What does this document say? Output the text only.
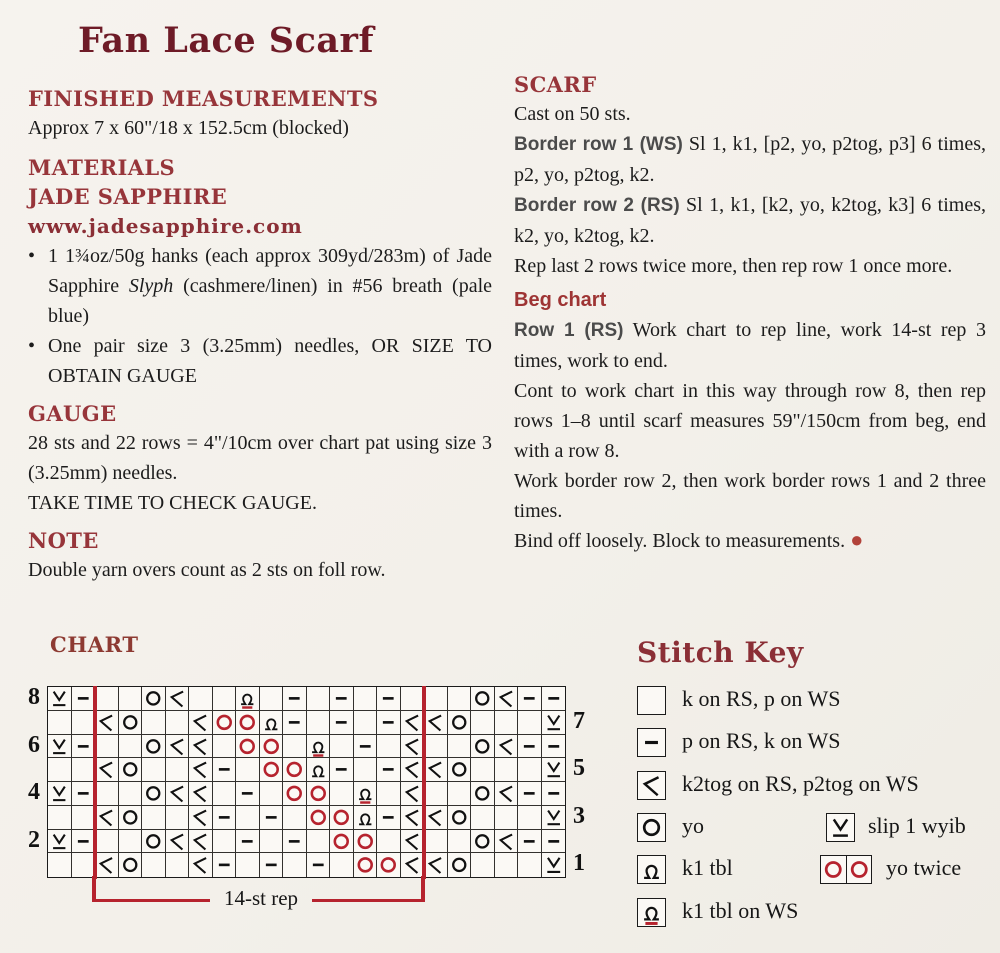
Fan Lace Scarf
FINISHED MEASUREMENTS

Approx 7 x 60"/18 x 152.5cm (blocked)

MATERIALS
JADE SAPPHIRE
www.jadesapphire.com
• 1 1¾oz/50g hanks (each approx 309yd/283m) of Jade Sapphire Slyph (cashmere/linen) in #56 breath (pale blue)
• One pair size 3 (3.25mm) needles, OR SIZE TO OBTAIN GAUGE
GAUGE

28 sts and 22 rows = 4"/10cm over chart pat using size 3 (3.25mm) needles.

TAKE TIME TO CHECK GAUGE.

NOTE

Double yarn overs count as 2 sts on foll row.

SCARF

Cast on 50 sts.

Border row 1 (WS) Sl 1, k1, [p2, yo, p2tog, p3] 6 times, p2, yo, p2tog, k2.

Border row 2 (RS) Sl 1, k1, [k2, yo, k2tog, k3] 6 times, k2, yo, k2tog, k2.

Rep last 2 rows twice more, then rep row 1 once more.

Beg chart

Row 1 (RS) Work chart to rep line, work 14-st rep 3 times, work to end.

Cont to work chart in this way through row 8, then rep rows 1–8 until scarf measures 59"/150cm from beg, end with a row 8.

Work border row 2, then work border rows 1 and 2 three times.

Bind off loosely. Block to measurements. ●

CHART
14-st rep
8
7
6
5
4
3
2
1
Stitch Key
k on RS, p on WS
p on RS, k on WS
k2tog on RS, p2tog on WS
yo	slip 1 wyib
k1 tbl	yo twice
k1 tbl on WS
